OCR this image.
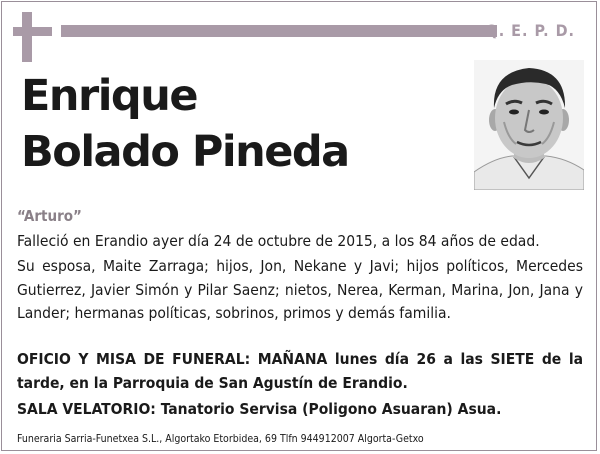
Q. E. P. D.
Enrique
Bolado Pineda
“Arturo”
Falleció en Erandio ayer día 24 de octubre de 2015, a los 84 años de edad.
Su esposa, Maite Zarraga; hijos, Jon, Nekane y Javi; hijos políticos, Mercedes Gutierrez, Javier Simón y Pilar Saenz; nietos, Nerea, Kerman, Marina, Jon, Jana y Lander; hermanas políticas, sobrinos, primos y demás familia.
OFICIO Y MISA DE FUNERAL: MAÑANA lunes día 26 a las SIETE de la tarde, en la Parroquia de San Agustín de Erandio.
SALA VELATORIO: Tanatorio Servisa (Poligono Asuaran) Asua.
Funeraria Sarria-Funetxea S.L., Algortako Etorbidea, 69 Tlfn 944912007 Algorta-Getxo
